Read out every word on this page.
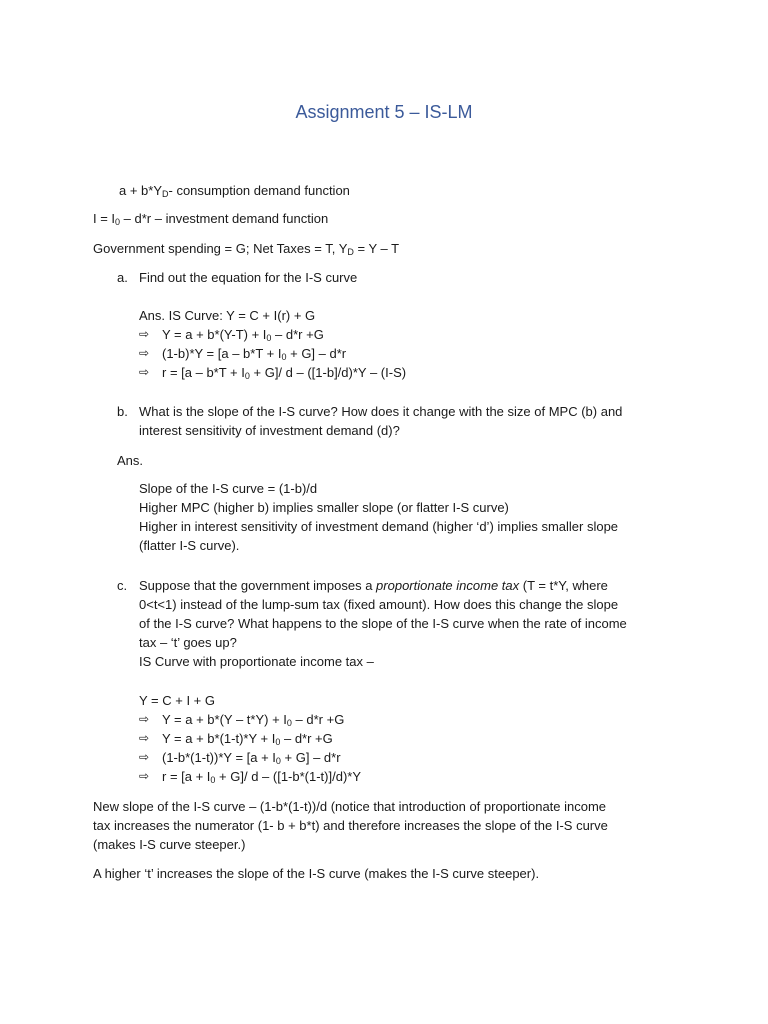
Assignment 5 – IS-LM
$a + b*Y_D-$ consumption demand function
$I = I_0 - d*r$ – investment demand function
Government spending = G; Net Taxes = T, $Y_D = Y - T$
a. Find out the equation for the I-S curve
Ans. IS Curve: Y = C + I(r) + G
⇨ $Y = a + b*(Y-T) + I_0 - d*r +G$
⇨ $(1-b)*Y = [a - b*T + I_0 + G] - d*r$
⇨ $r = [a - b*T + I_0 + G]/$ d – ([1-b]/d)*Y – (I-S)
b. What is the slope of the I-S curve? How does it change with the size of MPC (b) and
interest sensitivity of investment demand (d)?
Ans.
Slope of the I-S curve = (1-b)/d
Higher MPC (higher b) implies smaller slope (or flatter I-S curve)
Higher in interest sensitivity of investment demand (higher ‘d’) implies smaller slope
(flatter I-S curve).
c. Suppose that the government imposes a proportionate income tax (T = t*Y, where
0<t<1) instead of the lump-sum tax (fixed amount). How does this change the slope
of the I-S curve? What happens to the slope of the I-S curve when the rate of income
tax – ‘t’ goes up?
IS Curve with proportionate income tax –
Y = C + I + G
⇨ $Y = a + b*(Y - t*Y) + I_0 - d*r +G$
⇨ $Y = a + b*(1-t)*Y + I_0 - d*r +G$
⇨ $(1-b*(1-t))*Y = [a + I_0 + G] - d*r$
⇨ $r = [a + I_0 + G]/$ d – ([1-b*(1-t)]/d)*Y
New slope of the I-S curve – (1-b*(1-t))/d (notice that introduction of proportionate income
tax increases the numerator (1- b + b*t) and therefore increases the slope of the I-S curve
(makes I-S curve steeper.)
A higher ‘t’ increases the slope of the I-S curve (makes the I-S curve steeper).
